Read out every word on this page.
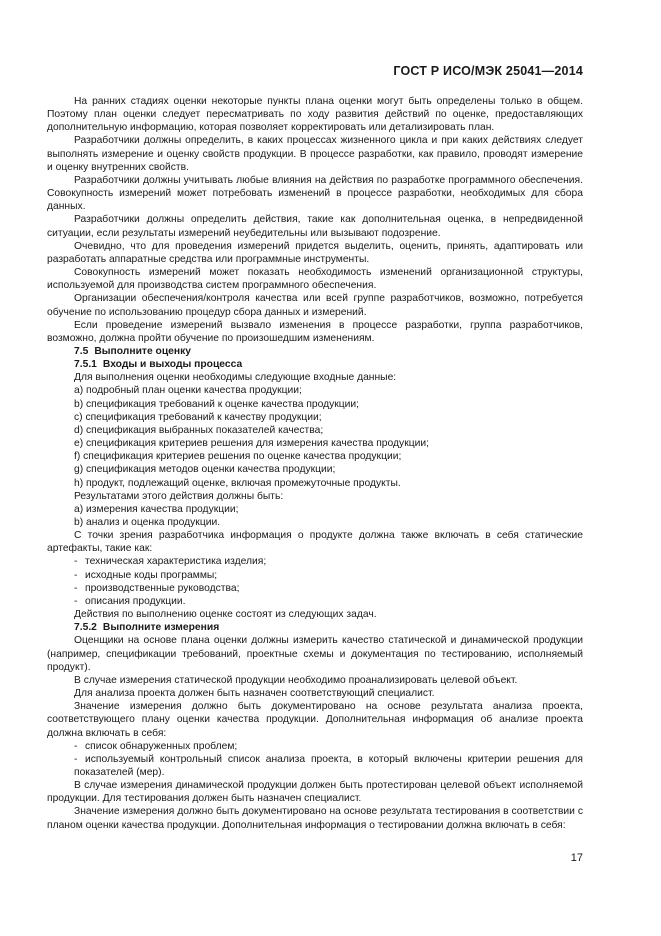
ГОСТ Р ИСО/МЭК 25041—2014

На ранних стадиях оценки некоторые пункты плана оценки могут быть определены только в общем. Поэтому план оценки следует пересматривать по ходу развития действий по оценке, предоставляющих дополнительную информацию, которая позволяет корректировать или детализировать план.

Разработчики должны определить, в каких процессах жизненного цикла и при каких действиях следует выполнять измерение и оценку свойств продукции. В процессе разработки, как правило, проводят измерение и оценку внутренних свойств.

Разработчики должны учитывать любые влияния на действия по разработке программного обеспечения. Совокупность измерений может потребовать изменений в процессе разработки, необходимых для сбора данных.

Разработчики должны определить действия, такие как дополнительная оценка, в непредвиденной ситуации, если результаты измерений неубедительны или вызывают подозрение.

Очевидно, что для проведения измерений придется выделить, оценить, принять, адаптировать или разработать аппаратные средства или программные инструменты.

Совокупность измерений может показать необходимость изменений организационной структуры, используемой для производства систем программного обеспечения.

Организации обеспечения/контроля качества или всей группе разработчиков, возможно, потребуется обучение по использованию процедур сбора данных и измерений.

Если проведение измерений вызвало изменения в процессе разработки, группа разработчиков, возможно, должна пройти обучение по произошедшим изменениям.

7.5 Выполните оценку

7.5.1 Входы и выходы процесса

Для выполнения оценки необходимы следующие входные данные:

a) подробный план оценки качества продукции;

b) спецификация требований к оценке качества продукции;

c) спецификация требований к качеству продукции;

d) спецификация выбранных показателей качества;

e) спецификация критериев решения для измерения качества продукции;

f) спецификация критериев решения по оценке качества продукции;

g) спецификация методов оценки качества продукции;

h) продукт, подлежащий оценке, включая промежуточные продукты.

Результатами этого действия должны быть:

a) измерения качества продукции;

b) анализ и оценка продукции.

С точки зрения разработчика информация о продукте должна также включать в себя статические артефакты, такие как:

- техническая характеристика изделия;

- исходные коды программы;

- производственные руководства;

- описания продукции.

Действия по выполнению оценке состоят из следующих задач.

7.5.2 Выполните измерения

Оценщики на основе плана оценки должны измерить качество статической и динамической продукции (например, спецификации требований, проектные схемы и документация по тестированию, исполняемый продукт).

В случае измерения статической продукции необходимо проанализировать целевой объект.

Для анализа проекта должен быть назначен соответствующий специалист.

Значение измерения должно быть документировано на основе результата анализа проекта, соответствующего плану оценки качества продукции. Дополнительная информация об анализе проекта должна включать в себя:

- список обнаруженных проблем;

- используемый контрольный список анализа проекта, в который включены критерии решения для показателей (мер).

В случае измерения динамической продукции должен быть протестирован целевой объект исполняемой продукции. Для тестирования должен быть назначен специалист.

Значение измерения должно быть документировано на основе результата тестирования в соответствии с планом оценки качества продукции. Дополнительная информация о тестировании должна включать в себя:

17
